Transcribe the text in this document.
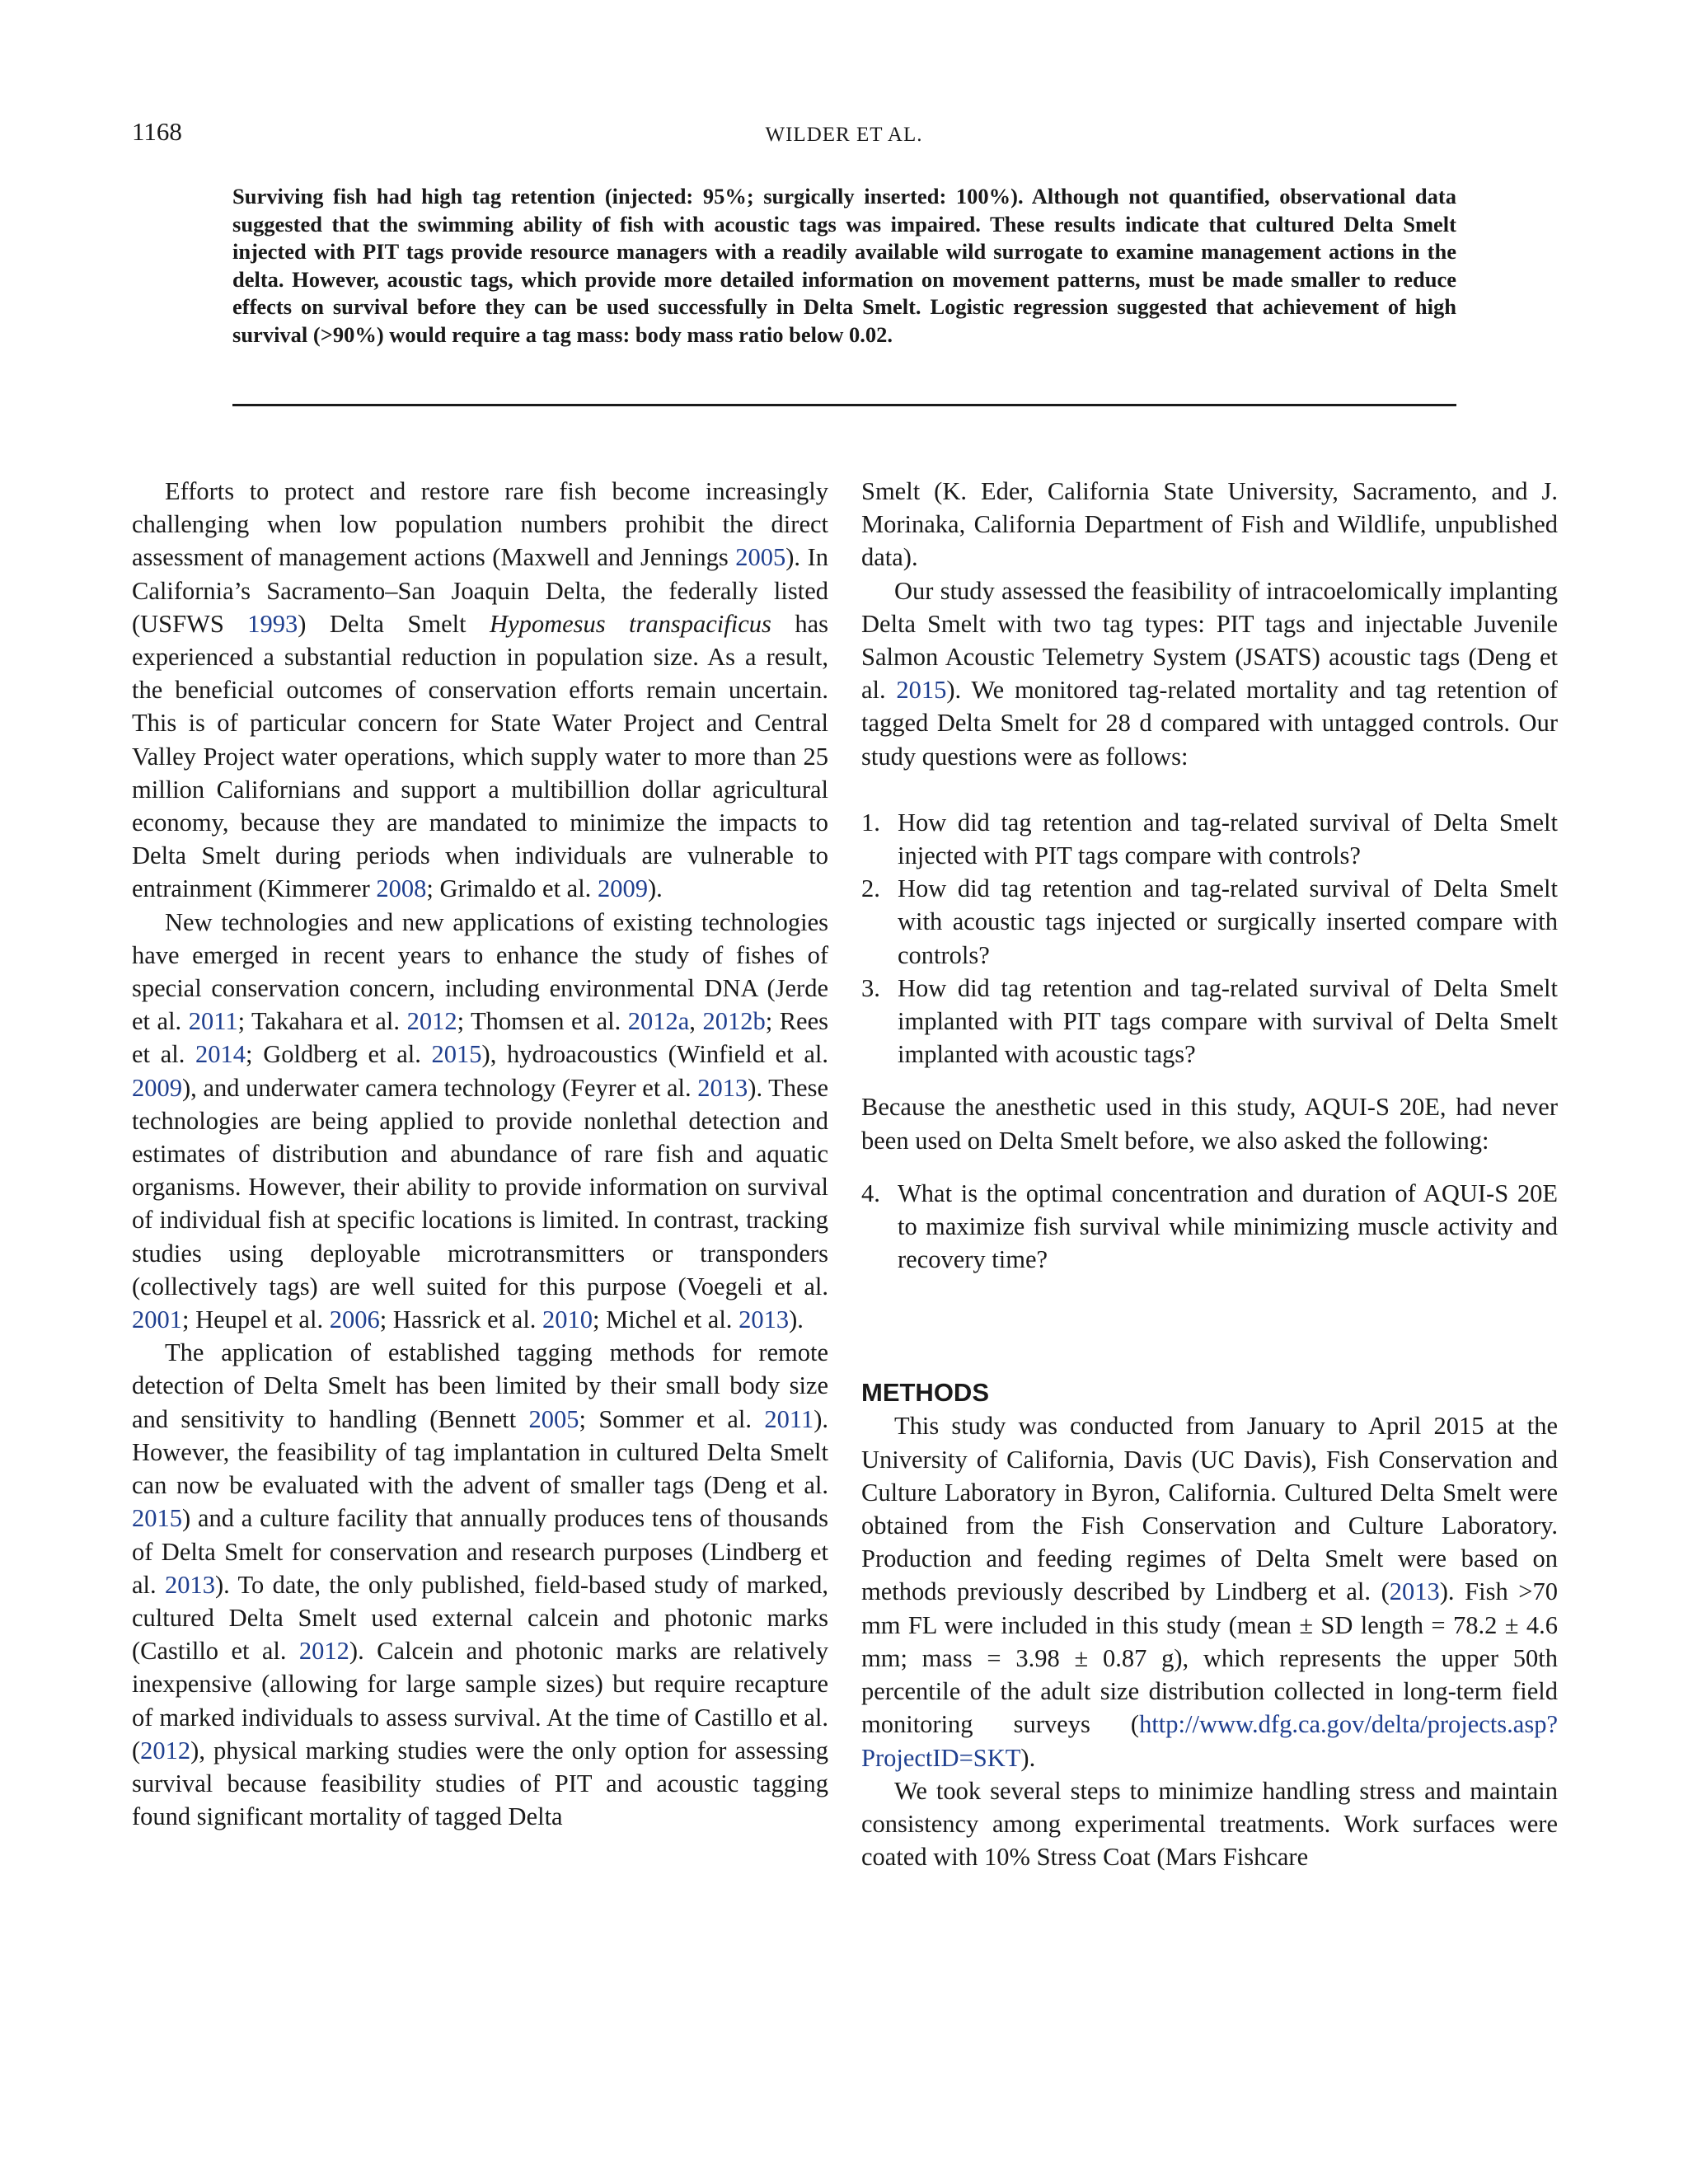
1168	WILDER ET AL.
Surviving fish had high tag retention (injected: 95%; surgically inserted: 100%). Although not quantified, observational data suggested that the swimming ability of fish with acoustic tags was impaired. These results indicate that cultured Delta Smelt injected with PIT tags provide resource managers with a readily available wild surrogate to examine management actions in the delta. However, acoustic tags, which provide more detailed information on movement patterns, must be made smaller to reduce effects on survival before they can be used successfully in Delta Smelt. Logistic regression suggested that achievement of high survival (>90%) would require a tag mass: body mass ratio below 0.02.

Efforts to protect and restore rare fish become increasingly challenging when low population numbers prohibit the direct assessment of management actions (Maxwell and Jennings 2005). In California’s Sacramento–San Joaquin Delta, the federally listed (USFWS 1993) Delta Smelt Hypomesus transpacificus has experienced a substantial reduction in population size. As a result, the beneficial outcomes of conservation efforts remain uncertain. This is of particular concern for State Water Project and Central Valley Project water operations, which supply water to more than 25 million Californians and support a multibillion dollar agricultural economy, because they are mandated to minimize the impacts to Delta Smelt during periods when individuals are vulnerable to entrainment (Kimmerer 2008; Grimaldo et al. 2009).

New technologies and new applications of existing technologies have emerged in recent years to enhance the study of fishes of special conservation concern, including environmental DNA (Jerde et al. 2011; Takahara et al. 2012; Thomsen et al. 2012a, 2012b; Rees et al. 2014; Goldberg et al. 2015), hydroacoustics (Winfield et al. 2009), and underwater camera technology (Feyrer et al. 2013). These technologies are being applied to provide nonlethal detection and estimates of distribution and abundance of rare fish and aquatic organisms. However, their ability to provide information on survival of individual fish at specific locations is limited. In contrast, tracking studies using deployable microtransmitters or transponders (collectively tags) are well suited for this purpose (Voegeli et al. 2001; Heupel et al. 2006; Hassrick et al. 2010; Michel et al. 2013).

The application of established tagging methods for remote detection of Delta Smelt has been limited by their small body size and sensitivity to handling (Bennett 2005; Sommer et al. 2011). However, the feasibility of tag implantation in cultured Delta Smelt can now be evaluated with the advent of smaller tags (Deng et al. 2015) and a culture facility that annually produces tens of thousands of Delta Smelt for conservation and research purposes (Lindberg et al. 2013). To date, the only published, field-based study of marked, cultured Delta Smelt used external calcein and photonic marks (Castillo et al. 2012). Calcein and photonic marks are relatively inexpensive (allowing for large sample sizes) but require recapture of marked individuals to assess survival. At the time of Castillo et al. (2012), physical marking studies were the only option for assessing survival because feasibility studies of PIT and acoustic tagging found significant mortality of tagged Delta

Smelt (K. Eder, California State University, Sacramento, and J. Morinaka, California Department of Fish and Wildlife, unpublished data).

Our study assessed the feasibility of intracoelomically implanting Delta Smelt with two tag types: PIT tags and injectable Juvenile Salmon Acoustic Telemetry System (JSATS) acoustic tags (Deng et al. 2015). We monitored tag-related mortality and tag retention of tagged Delta Smelt for 28 d compared with untagged controls. Our study questions were as follows:

1. How did tag retention and tag-related survival of Delta Smelt injected with PIT tags compare with controls?
2. How did tag retention and tag-related survival of Delta Smelt with acoustic tags injected or surgically inserted compare with controls?
3. How did tag retention and tag-related survival of Delta Smelt implanted with PIT tags compare with survival of Delta Smelt implanted with acoustic tags?

Because the anesthetic used in this study, AQUI-S 20E, had never been used on Delta Smelt before, we also asked the following:

4. What is the optimal concentration and duration of AQUI-S 20E to maximize fish survival while minimizing muscle activity and recovery time?
METHODS

This study was conducted from January to April 2015 at the University of California, Davis (UC Davis), Fish Conservation and Culture Laboratory in Byron, California. Cultured Delta Smelt were obtained from the Fish Conservation and Culture Laboratory. Production and feeding regimes of Delta Smelt were based on methods previously described by Lindberg et al. (2013). Fish >70 mm FL were included in this study (mean ± SD length = 78.2 ± 4.6 mm; mass = 3.98 ± 0.87 g), which represents the upper 50th percentile of the adult size distribution collected in long-term field monitoring surveys (http://www.dfg.ca.gov/delta/projects.asp?ProjectID=SKT).

We took several steps to minimize handling stress and maintain consistency among experimental treatments. Work surfaces were coated with 10% Stress Coat (Mars Fishcare
